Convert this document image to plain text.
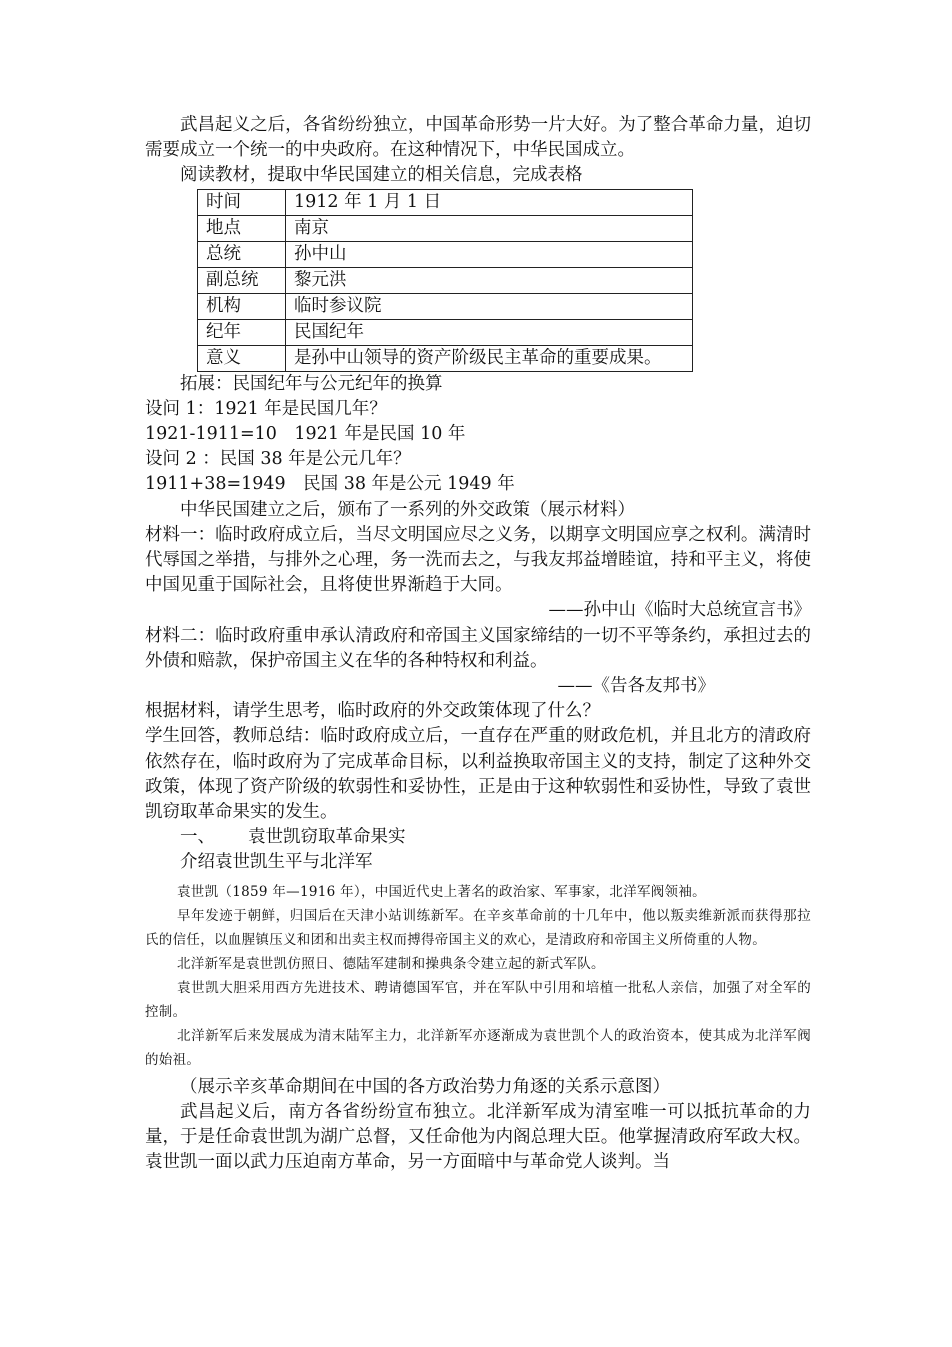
武昌起义之后，各省纷纷独立，中国革命形势一片大好。为了整合革命力量，迫切需要成立一个统一的中央政府。在这种情况下，中华民国成立。

阅读教材，提取中华民国建立的相关信息，完成表格

时间	1912 年 1 月 1 日
地点	南京
总统	孙中山
副总统	黎元洪
机构	临时参议院
纪年	民国纪年
意义	是孙中山领导的资产阶级民主革命的重要成果。

拓展：民国纪年与公元纪年的换算

设问 1：1921 年是民国几年？

1921-1911=10　1921 年是民国 10 年

设问 2 ：民国 38 年是公元几年？

1911+38=1949　民国 38 年是公元 1949 年

中华民国建立之后，颁布了一系列的外交政策（展示材料）

材料一：临时政府成立后，当尽文明国应尽之义务，以期享文明国应享之权利。满清时代辱国之举措，与排外之心理，务一洗而去之，与我友邦益增睦谊，持和平主义，将使中国见重于国际社会，且将使世界渐趋于大同。

——孙中山《临时大总统宣言书》

材料二：临时政府重申承认清政府和帝国主义国家缔结的一切不平等条约，承担过去的外债和赔款，保护帝国主义在华的各种特权和利益。

——《告各友邦书》

根据材料，请学生思考，临时政府的外交政策体现了什么？

学生回答，教师总结：临时政府成立后，一直存在严重的财政危机，并且北方的清政府依然存在，临时政府为了完成革命目标，以利益换取帝国主义的支持，制定了这种外交政策，体现了资产阶级的软弱性和妥协性，正是由于这种软弱性和妥协性，导致了袁世凯窃取革命果实的发生。

一、	袁世凯窃取革命果实

介绍袁世凯生平与北洋军

袁世凯（1859 年—1916 年），中国近代史上著名的政治家、军事家，北洋军阀领袖。

早年发迹于朝鲜，归国后在天津小站训练新军。在辛亥革命前的十几年中，他以叛卖维新派而获得那拉氏的信任，以血腥镇压义和团和出卖主权而搏得帝国主义的欢心，是清政府和帝国主义所倚重的人物。

北洋新军是袁世凯仿照日、德陆军建制和操典条令建立起的新式军队。

袁世凯大胆采用西方先进技术、聘请德国军官，并在军队中引用和培植一批私人亲信，加强了对全军的控制。

北洋新军后来发展成为清末陆军主力，北洋新军亦逐渐成为袁世凯个人的政治资本，使其成为北洋军阀的始祖。

（展示辛亥革命期间在中国的各方政治势力角逐的关系示意图）

武昌起义后，南方各省纷纷宣布独立。北洋新军成为清室唯一可以抵抗革命的力量，于是任命袁世凯为湖广总督，又任命他为内阁总理大臣。他掌握清政府军政大权。袁世凯一面以武力压迫南方革命，另一方面暗中与革命党人谈判。当
